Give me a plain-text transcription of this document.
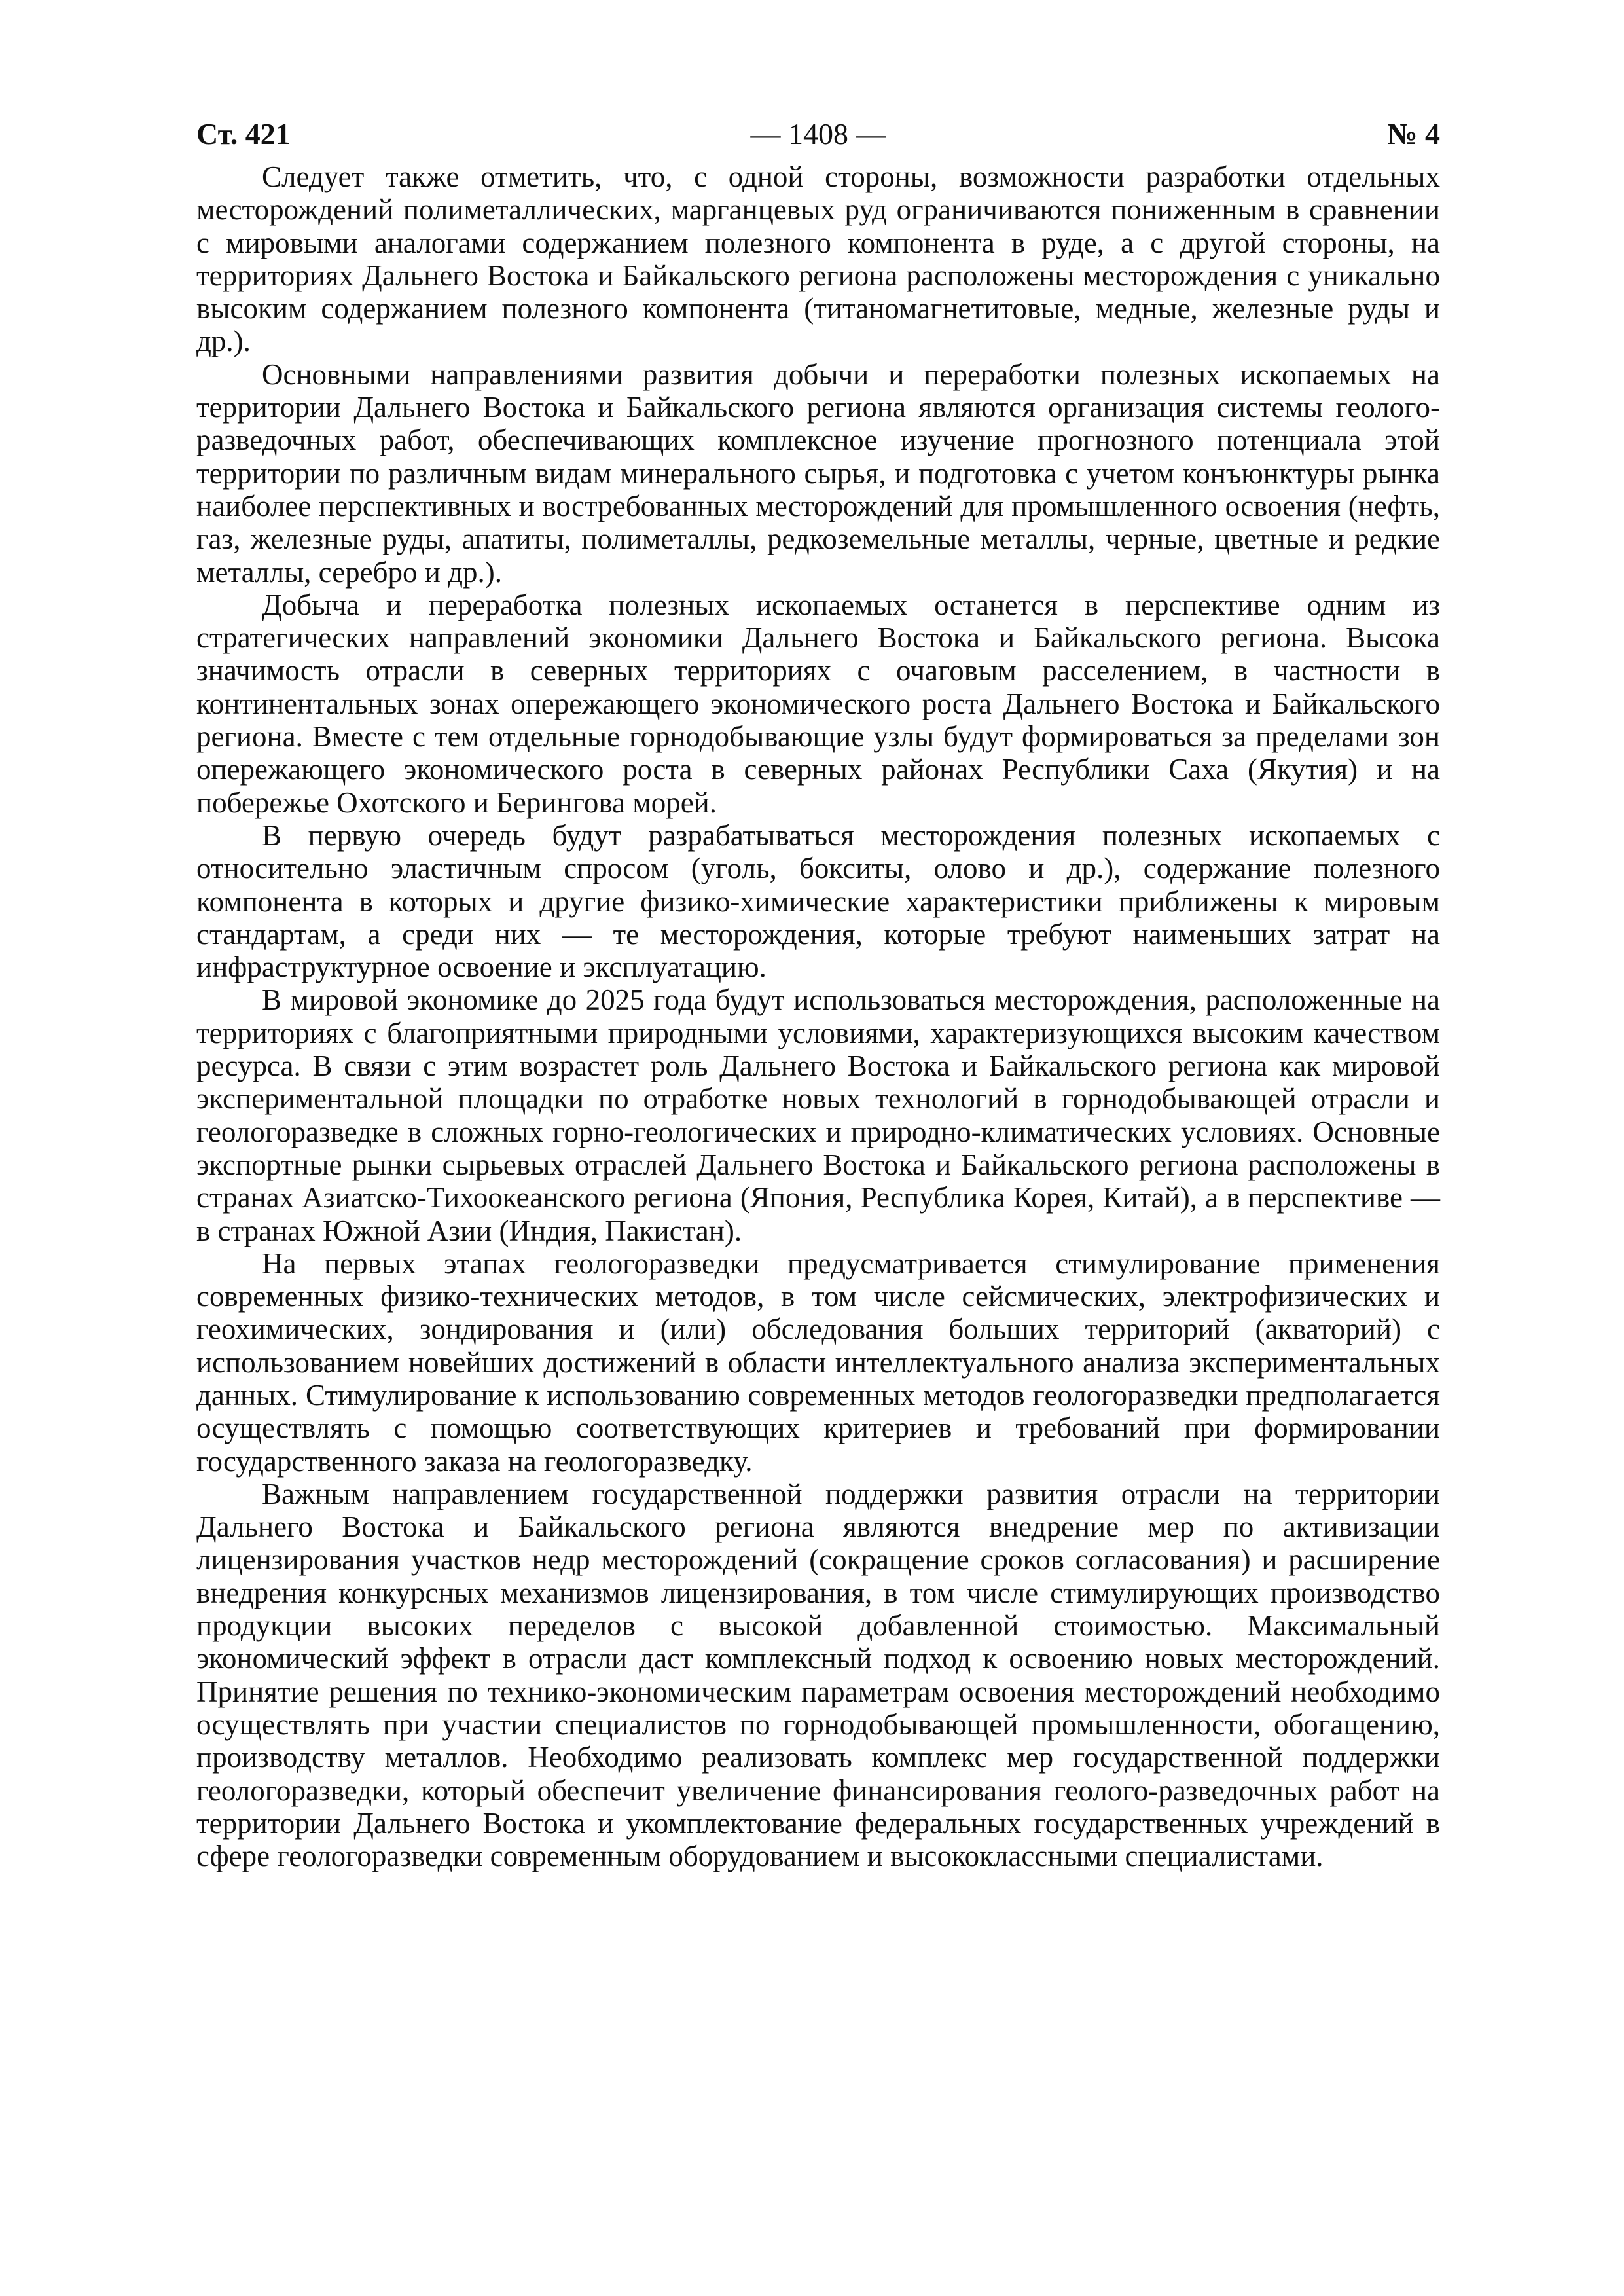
Ст. 421	— 1408 —	№ 4

Следует также отметить, что, с одной стороны, возможности разработки отдельных месторождений полиметаллических, марганцевых руд ограничиваются пониженным в сравнении с мировыми аналогами содержанием полезного компонента в руде, а с другой стороны, на территориях Дальнего Востока и Байкальского региона расположены месторождения с уникально высоким содержанием полезного компонента (титаномагнетитовые, медные, железные руды и др.).

Основными направлениями развития добычи и переработки полезных ископаемых на территории Дальнего Востока и Байкальского региона являются организация системы геолого-разведочных работ, обеспечивающих комплексное изучение прогнозного потенциала этой территории по различным видам минерального сырья, и подготовка с учетом конъюнктуры рынка наиболее перспективных и востребованных месторождений для промышленного освоения (нефть, газ, железные руды, апатиты, полиметаллы, редкоземельные металлы, черные, цветные и редкие металлы, серебро и др.).

Добыча и переработка полезных ископаемых останется в перспективе одним из стратегических направлений экономики Дальнего Востока и Байкальского региона. Высока значимость отрасли в северных территориях с очаговым расселением, в частности в континентальных зонах опережающего экономического роста Дальнего Востока и Байкальского региона. Вместе с тем отдельные горнодобывающие узлы будут формироваться за пределами зон опережающего экономического роста в северных районах Республики Саха (Якутия) и на побережье Охотского и Берингова морей.

В первую очередь будут разрабатываться месторождения полезных ископаемых с относительно эластичным спросом (уголь, бокситы, олово и др.), содержание полезного компонента в которых и другие физико-химические характеристики приближены к мировым стандартам, а среди них — те месторождения, которые требуют наименьших затрат на инфраструктурное освоение и эксплуатацию.

В мировой экономике до 2025 года будут использоваться месторождения, расположенные на территориях с благоприятными природными условиями, характеризующихся высоким качеством ресурса. В связи с этим возрастет роль Дальнего Востока и Байкальского региона как мировой экспериментальной площадки по отработке новых технологий в горнодобывающей отрасли и геологоразведке в сложных горно-геологических и природно-климатических условиях. Основные экспортные рынки сырьевых отраслей Дальнего Востока и Байкальского региона расположены в странах Азиатско-Тихоокеанского региона (Япония, Республика Корея, Китай), а в перспективе — в странах Южной Азии (Индия, Пакистан).

На первых этапах геологоразведки предусматривается стимулирование применения современных физико-технических методов, в том числе сейсмических, электрофизических и геохимических, зондирования и (или) обследования больших территорий (акваторий) с использованием новейших достижений в области интеллектуального анализа экспериментальных данных. Стимулирование к использованию современных методов геологоразведки предполагается осуществлять с помощью соответствующих критериев и требований при формировании государственного заказа на геологоразведку.

Важным направлением государственной поддержки развития отрасли на территории Дальнего Востока и Байкальского региона являются внедрение мер по активизации лицензирования участков недр месторождений (сокращение сроков согласования) и расширение внедрения конкурсных механизмов лицензирования, в том числе стимулирующих производство продукции высоких переделов с высокой добавленной стоимостью. Максимальный экономический эффект в отрасли даст комплексный подход к освоению новых месторождений. Принятие решения по технико-экономическим параметрам освоения месторождений необходимо осуществлять при участии специалистов по горнодобывающей промышленности, обогащению, производству металлов. Необходимо реализовать комплекс мер государственной поддержки геологоразведки, который обеспечит увеличение финансирования геолого-разведочных работ на территории Дальнего Востока и укомплектование федеральных государственных учреждений в сфере геологоразведки современным оборудованием и высококлассными специалистами.
